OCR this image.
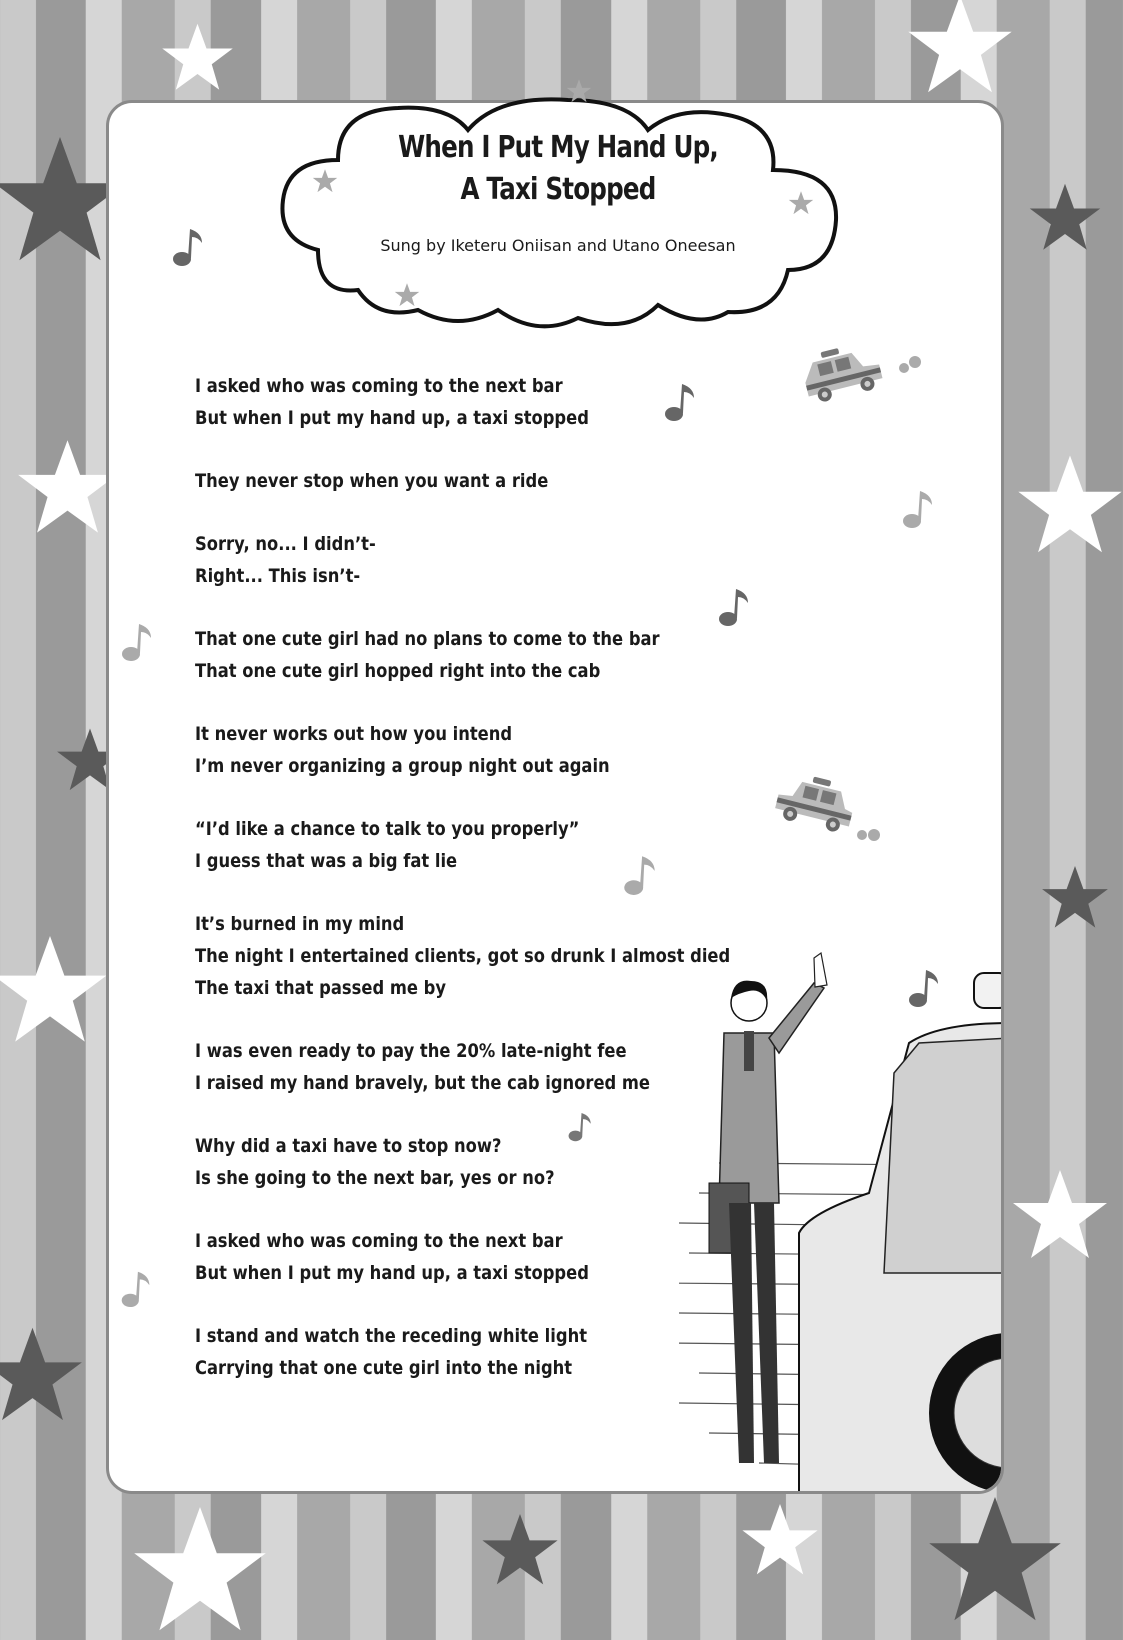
When I Put My Hand Up,
A Taxi Stopped
Sung by Iketeru Oniisan and Utano Oneesan
I asked who was coming to the next bar
But when I put my hand up, a taxi stopped
They never stop when you want a ride
Sorry, no... I didn’t-
Right... This isn’t-
That one cute girl had no plans to come to the bar
That one cute girl hopped right into the cab
It never works out how you intend
I’m never organizing a group night out again
“I’d like a chance to talk to you properly”
I guess that was a big fat lie
It’s burned in my mind
The night I entertained clients, got so drunk I almost died
The taxi that passed me by
I was even ready to pay the 20% late-night fee
I raised my hand bravely, but the cab ignored me
Why did a taxi have to stop now?
Is she going to the next bar, yes or no?
I asked who was coming to the next bar
But when I put my hand up, a taxi stopped
I stand and watch the receding white light
Carrying that one cute girl into the night
